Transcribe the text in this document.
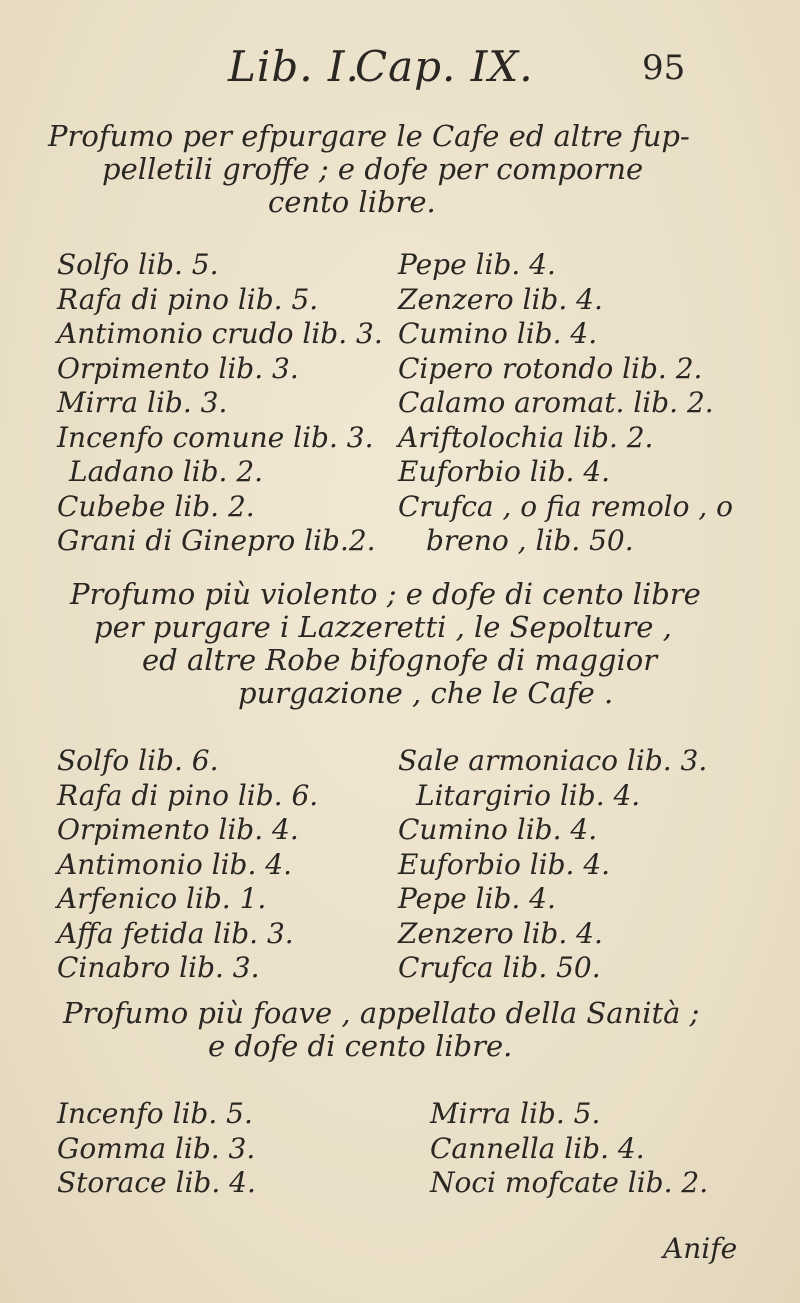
Lib. I.
Cap. IX.	95
Profumo per efpurgare le Cafe ed altre fup-
pelletili groffe ; e dofe per comporne
cento libre.
Solfo lib. 5.
Rafa di pino lib. 5.
Antimonio crudo lib. 3.
Orpimento lib. 3.
Mirra lib. 3.
Incenfo comune lib. 3.
Ladano lib. 2.
Cubebe lib. 2.
Grani di Ginepro lib.2.
Pepe lib. 4.
Zenzero lib. 4.
Cumino lib. 4.
Cipero rotondo lib. 2.
Calamo aromat. lib. 2.
Ariftolochia lib. 2.
Euforbio lib. 4.
Crufca , o fia remolo , o
breno , lib. 50.
Profumo più violento ; e dofe di cento libre
per purgare i Lazzeretti , le Sepolture ,
ed altre Robe bifognofe di maggior
purgazione , che le Cafe .
Solfo lib. 6.
Rafa di pino lib. 6.
Orpimento lib. 4.
Antimonio lib. 4.
Arfenico lib. 1.
Affa fetida lib. 3.
Cinabro lib. 3.
Sale armoniaco lib. 3.
Litargirio lib. 4.
Cumino lib. 4.
Euforbio lib. 4.
Pepe lib. 4.
Zenzero lib. 4.
Crufca lib. 50.
Profumo più foave , appellato della Sanità ;
e dofe di cento libre.
Incenfo lib. 5.
Gomma lib. 3.
Storace lib. 4.
Mirra lib. 5.
Cannella lib. 4.
Noci mofcate lib. 2.
Anife
